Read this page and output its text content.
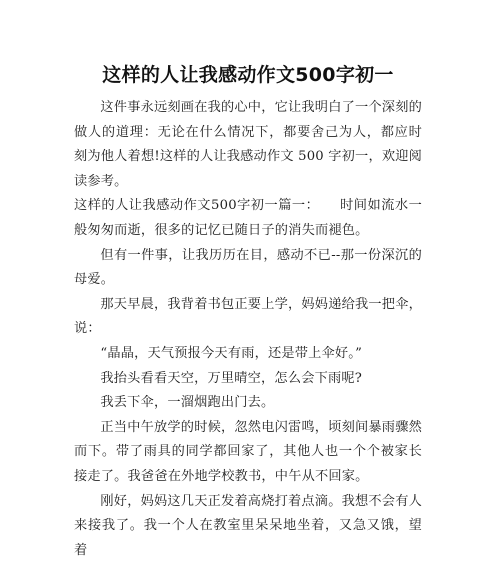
这样的人让我感动作文500字初一

这件事永远刻画在我的心中，它让我明白了一个深刻的做人的道理：无论在什么情况下，都要舍己为人，都应时刻为他人着想!这样的人让我感动作文 500 字初一，欢迎阅读参考。

这样的人让我感动作文500字初一篇一：　　时间如流水一般匆匆而逝，很多的记忆已随日子的消失而褪色。

但有一件事，让我历历在目，感动不已--那一份深沉的母爱。

那天早晨，我背着书包正要上学，妈妈递给我一把伞，说：

“晶晶，天气预报今天有雨，还是带上伞好。”

我抬头看看天空，万里晴空，怎么会下雨呢?

我丢下伞，一溜烟跑出门去。

正当中午放学的时候，忽然电闪雷鸣，顷刻间暴雨骤然而下。带了雨具的同学都回家了，其他人也一个个被家长接走了。我爸爸在外地学校教书，中午从不回家。

刚好，妈妈这几天正发着高烧打着点滴。我想不会有人来接我了。我一个人在教室里呆呆地坐着，又急又饿，望着
